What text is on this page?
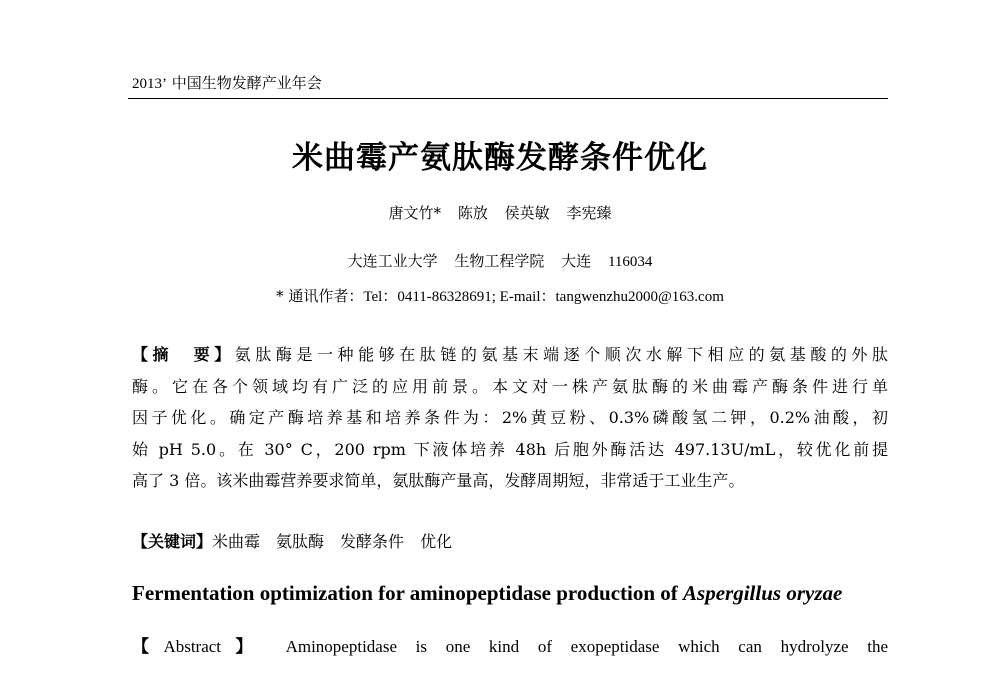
2013’ 中国生物发酵产业年会
米曲霉产氨肽酶发酵条件优化
唐文竹* 陈放 侯英敏 李宪臻
大连工业大学 生物工程学院 大连 116034
* 通讯作者：Tel：0411-86328691; E-mail：tangwenzhu2000@163.com
【摘　要】氨肽酶是一种能够在肽链的氨基末端逐个顺次水解下相应的氨基酸的外肽
酶。它在各个领域均有广泛的应用前景。本文对一株产氨肽酶的米曲霉产酶条件进行单
因子优化。确定产酶培养基和培养条件为：2%黄豆粉、0.3%磷酸氢二钾，0.2%油酸，初
始 pH 5.0。在 30° C，200 rpm 下液体培养 48h 后胞外酶活达 497.13U/mL，较优化前提
高了 3 倍。该米曲霉营养要求简单，氨肽酶产量高，发酵周期短，非常适于工业生产。
【关键词】米曲霉 氨肽酶 发酵条件 优化
Fermentation optimization for aminopeptidase production of Aspergillus oryzae
【Abstract】 Aminopeptidase is one kind of exopeptidase which can hydrolyze the
